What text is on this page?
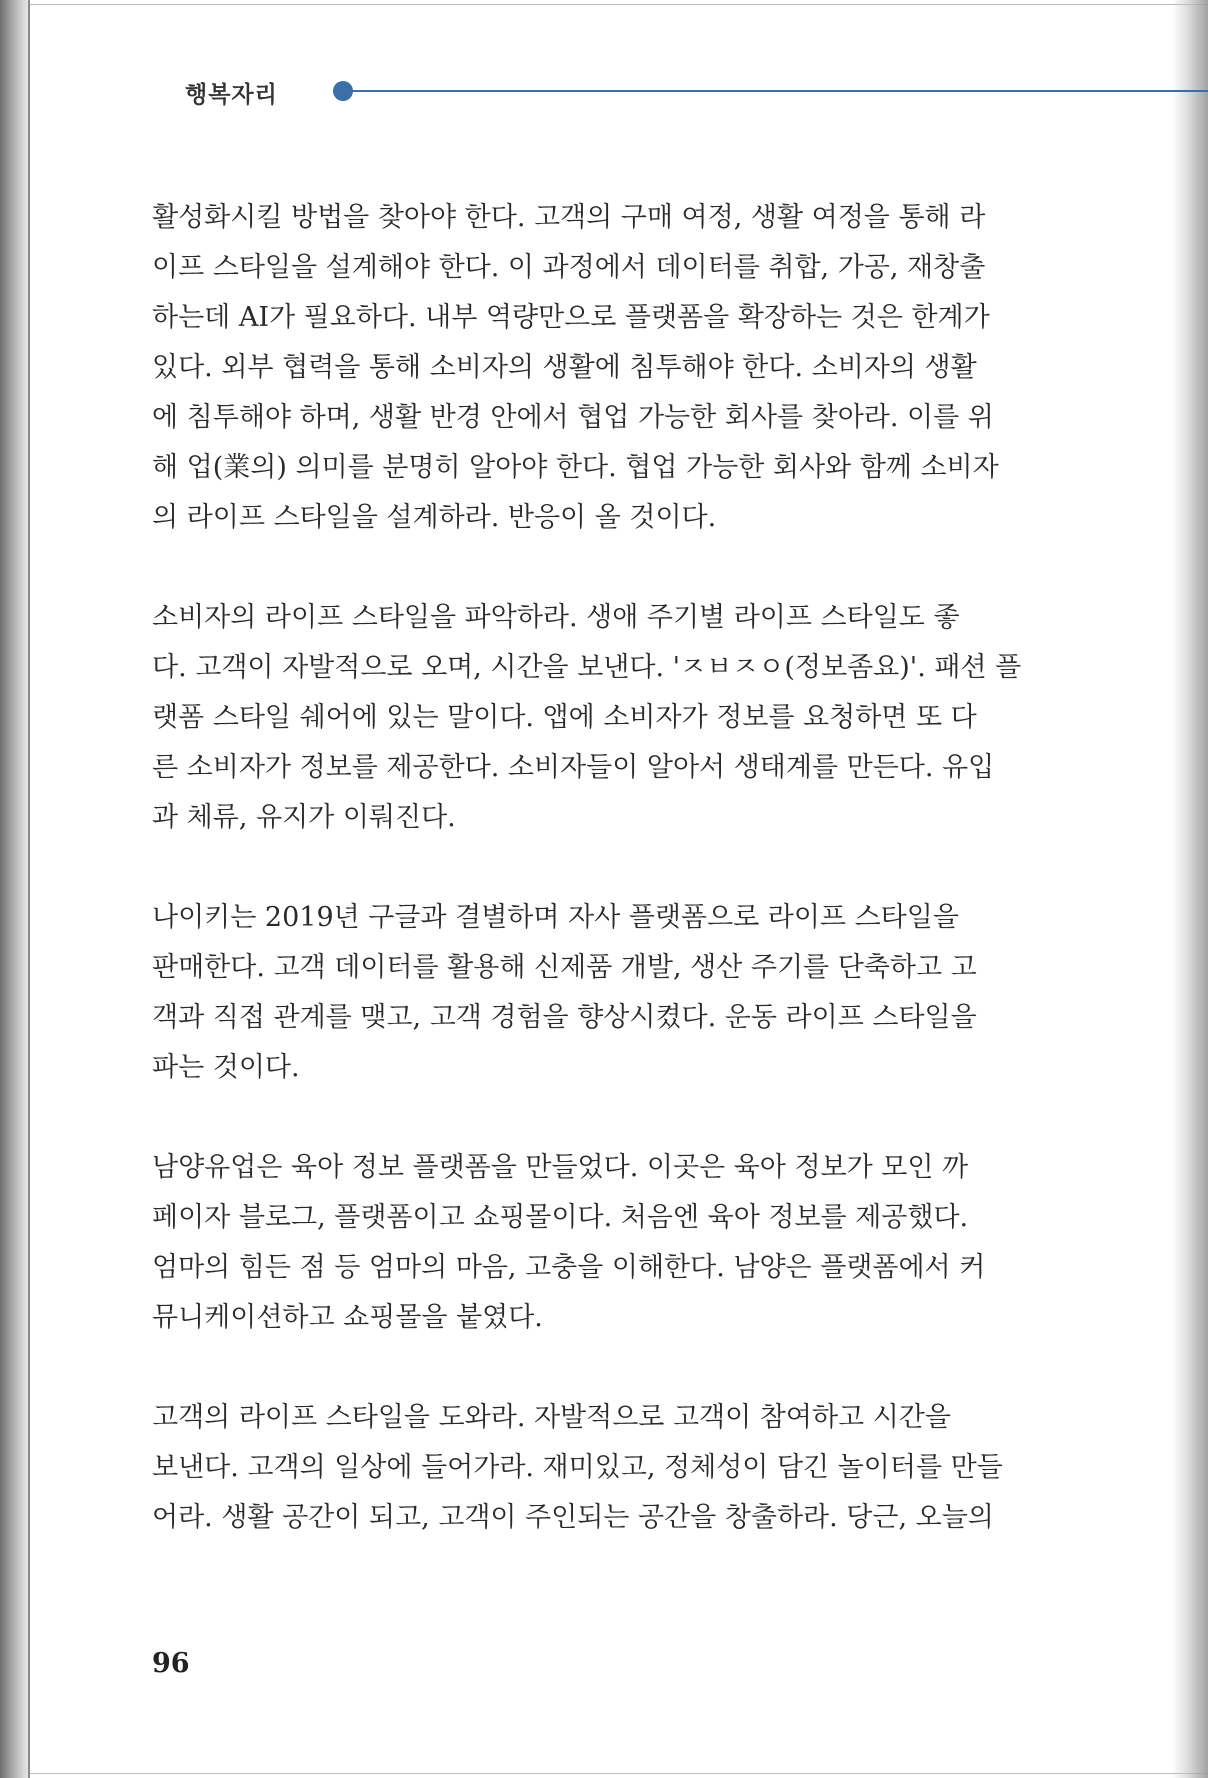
행복자리
활성화시킬 방법을 찾아야 한다. 고객의 구매 여정, 생활 여정을 통해 라
이프 스타일을 설계해야 한다. 이 과정에서 데이터를 취합, 가공, 재창출
하는데 AI가 필요하다. 내부 역량만으로 플랫폼을 확장하는 것은 한계가
있다. 외부 협력을 통해 소비자의 생활에 침투해야 한다. 소비자의 생활
에 침투해야 하며, 생활 반경 안에서 협업 가능한 회사를 찾아라. 이를 위
해 업(業의) 의미를 분명히 알아야 한다. 협업 가능한 회사와 함께 소비자
의 라이프 스타일을 설계하라. 반응이 올 것이다.
소비자의 라이프 스타일을 파악하라. 생애 주기별 라이프 스타일도 좋
다. 고객이 자발적으로 오며, 시간을 보낸다. 'ㅈㅂㅈㅇ(정보좀요)'. 패션 플
랫폼 스타일 쉐어에 있는 말이다. 앱에 소비자가 정보를 요청하면 또 다
른 소비자가 정보를 제공한다. 소비자들이 알아서 생태계를 만든다. 유입
과 체류, 유지가 이뤄진다.
나이키는 2019년 구글과 결별하며 자사 플랫폼으로 라이프 스타일을
판매한다. 고객 데이터를 활용해 신제품 개발, 생산 주기를 단축하고 고
객과 직접 관계를 맺고, 고객 경험을 향상시켰다. 운동 라이프 스타일을
파는 것이다.
남양유업은 육아 정보 플랫폼을 만들었다. 이곳은 육아 정보가 모인 까
페이자 블로그, 플랫폼이고 쇼핑몰이다. 처음엔 육아 정보를 제공했다.
엄마의 힘든 점 등 엄마의 마음, 고충을 이해한다. 남양은 플랫폼에서 커
뮤니케이션하고 쇼핑몰을 붙였다.
고객의 라이프 스타일을 도와라. 자발적으로 고객이 참여하고 시간을
보낸다. 고객의 일상에 들어가라. 재미있고, 정체성이 담긴 놀이터를 만들
어라. 생활 공간이 되고, 고객이 주인되는 공간을 창출하라. 당근, 오늘의
96
